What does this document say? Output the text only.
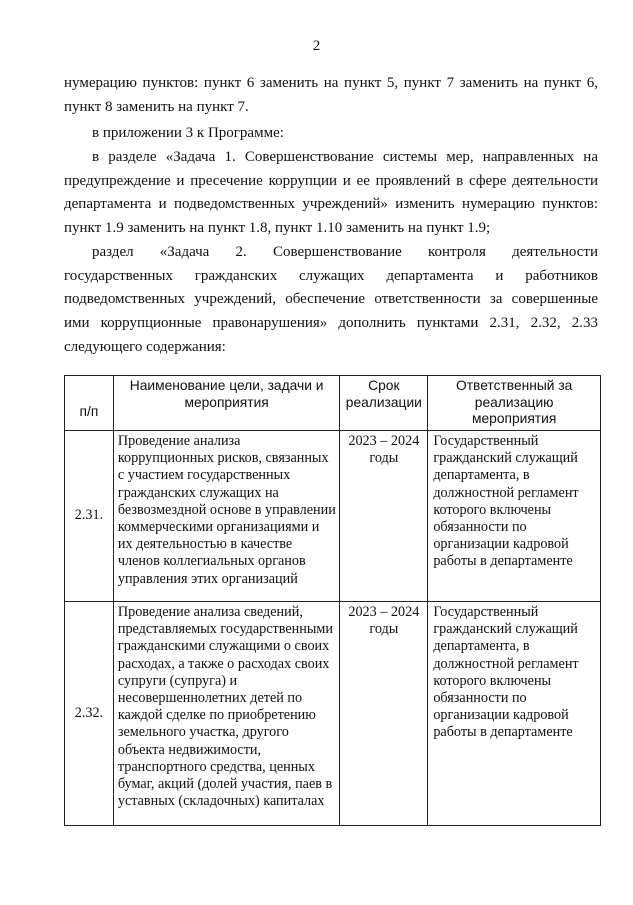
2
нумерацию пунктов: пункт 6 заменить на пункт 5, пункт 7 заменить на пункт 6,
пункт 8 заменить на пункт 7.
в приложении 3 к Программе:
в разделе «Задача 1. Совершенствование системы мер, направленных на
предупреждение и пресечение коррупции и ее проявлений в сфере деятельности
департамента и подведомственных учреждений» изменить нумерацию пунктов:
пункт 1.9 заменить на пункт 1.8, пункт 1.10 заменить на пункт 1.9;
раздел «Задача 2. Совершенствование контроля деятельности
государственных гражданских служащих департамента и работников
подведомственных учреждений, обеспечение ответственности за совершенные
ими коррупционные правонарушения» дополнить пунктами 2.31, 2.32, 2.33
следующего содержания:
п/п	Наименование цели, задачи и мероприятия	Срок реализации	Ответственный за реализацию мероприятия
2.31.	Проведение анализа коррупционных рисков, связанных с участием государственных гражданских служащих на безвозмездной основе в управлении коммерческими организациями и их деятельностью в качестве членов коллегиальных органов управления этих организаций	2023 – 2024 годы	Государственный гражданский служащий департамента, в должностной регламент которого включены обязанности по организации кадровой работы в департаменте

2.32.	Проведение анализа сведений, представляемых государственными гражданскими служащими о своих расходах, а также о расходах своих супруги (супруга) и несовершеннолетних детей по каждой сделке по приобретению земельного участка, другого объекта недвижимости, транспортного средства, ценных бумаг, акций (долей участия, паев в уставных (складочных) капиталах	2023 – 2024 годы	Государственный гражданский служащий департамента, в должностной регламент которого включены обязанности по организации кадровой работы в департаменте
